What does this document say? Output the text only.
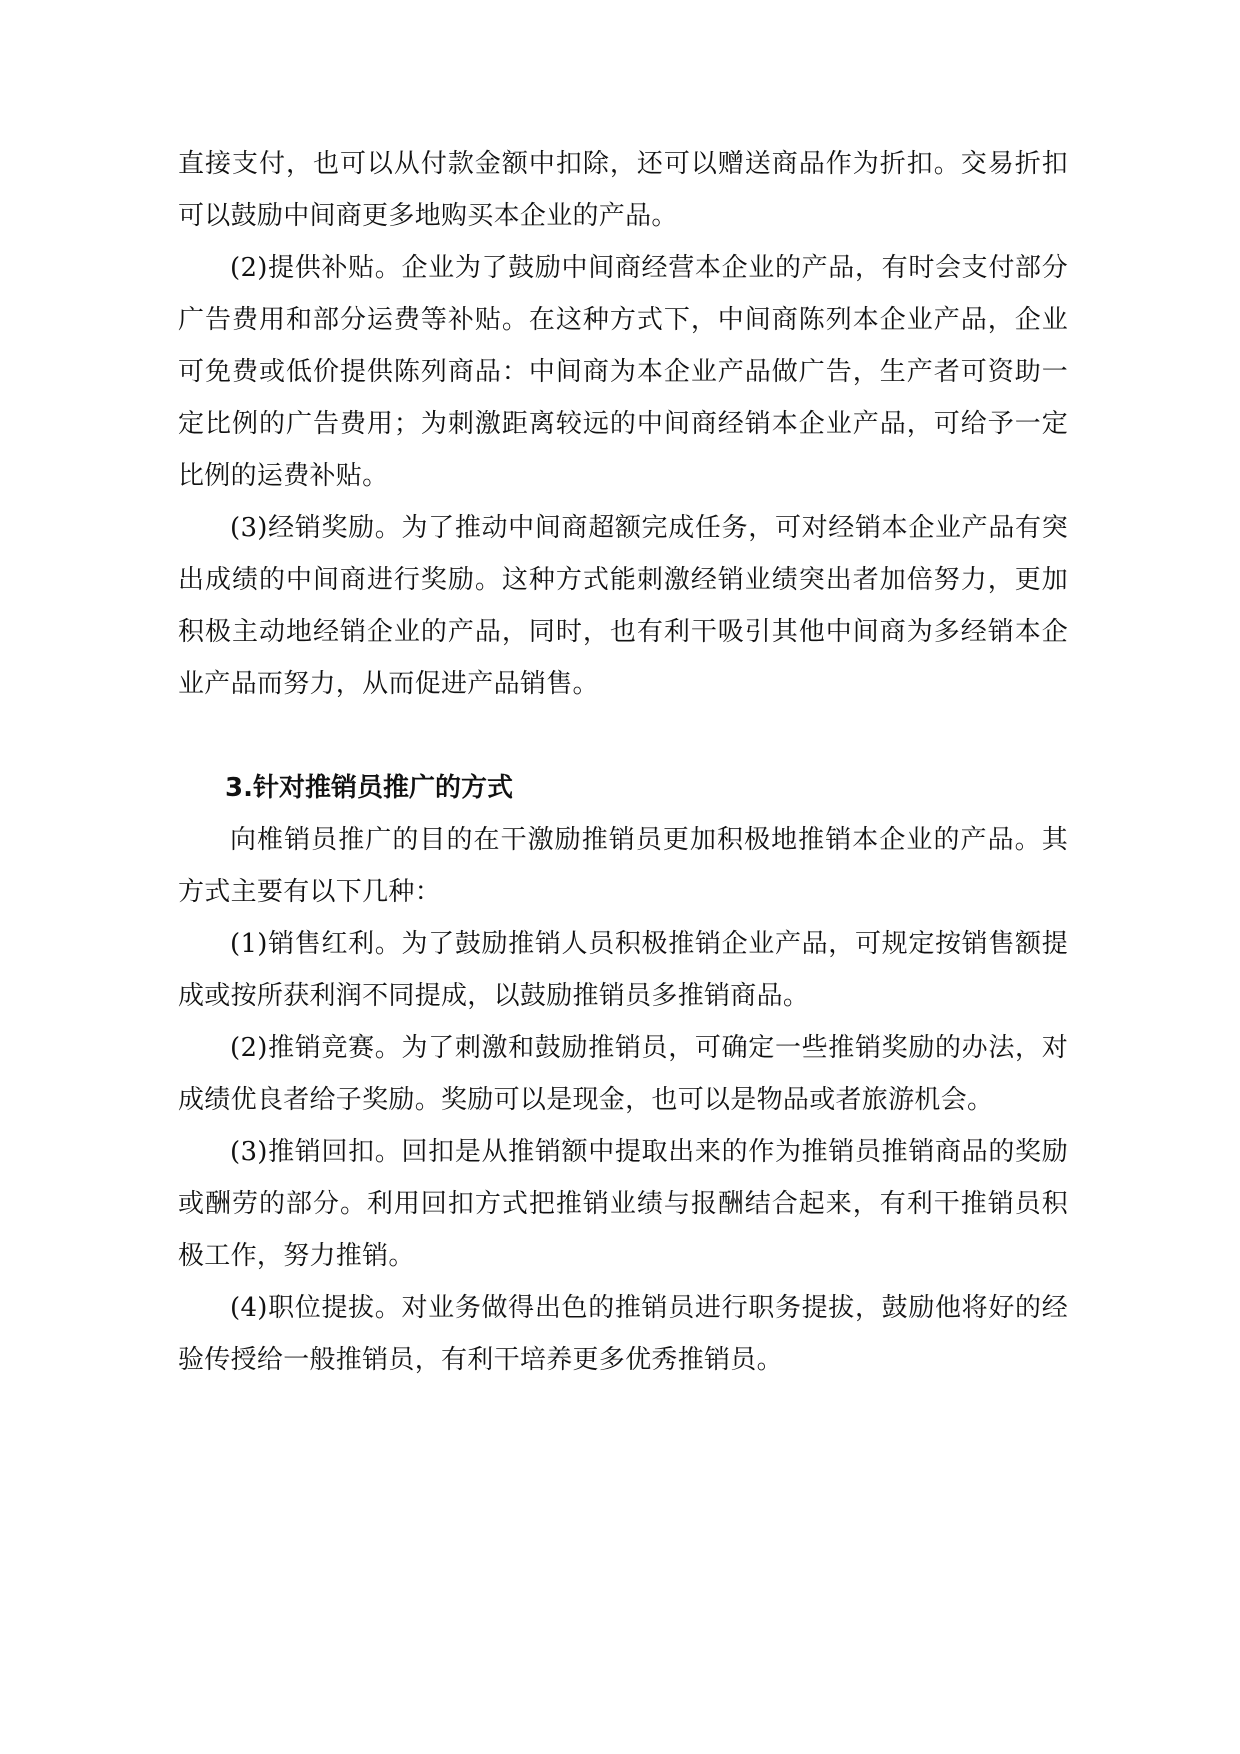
直接支付，也可以从付款金额中扣除，还可以赠送商品作为折扣。交易折扣可以鼓励中间商更多地购买本企业的产品。

(2)提供补贴。企业为了鼓励中间商经营本企业的产品，有时会支付部分广告费用和部分运费等补贴。在这种方式下，中间商陈列本企业产品，企业可免费或低价提供陈列商品：中间商为本企业产品做广告，生产者可资助一定比例的广告费用；为刺激距离较远的中间商经销本企业产品，可给予一定比例的运费补贴。

(3)经销奖励。为了推动中间商超额完成任务，可对经销本企业产品有突出成绩的中间商进行奖励。这种方式能刺激经销业绩突出者加倍努力，更加积极主动地经销企业的产品，同时，也有利干吸引其他中间商为多经销本企业产品而努力，从而促进产品销售。

3.针对推销员推广的方式

向椎销员推广的目的在干激励推销员更加积极地推销本企业的产品。其方式主要有以下几种：

(1)销售红利。为了鼓励推销人员积极推销企业产品，可规定按销售额提成或按所获利润不同提成，以鼓励推销员多推销商品。

(2)推销竞赛。为了刺激和鼓励推销员，可确定一些推销奖励的办法，对成绩优良者给子奖励。奖励可以是现金，也可以是物品或者旅游机会。

(3)推销回扣。回扣是从推销额中提取出来的作为推销员推销商品的奖励或酬劳的部分。利用回扣方式把推销业绩与报酬结合起来，有利干推销员积极工作，努力推销。

(4)职位提拔。对业务做得出色的推销员进行职务提拔，鼓励他将好的经验传授给一般推销员，有利干培养更多优秀推销员。
